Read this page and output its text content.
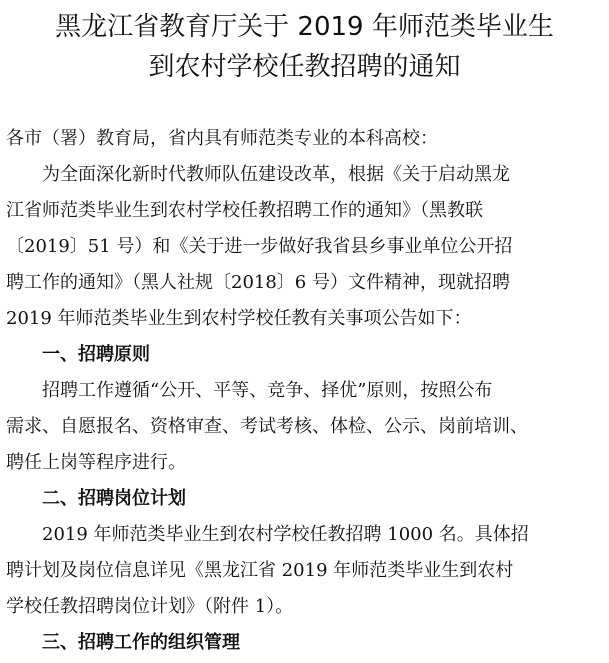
黑龙江省教育厅关于 2019 年师范类毕业生
到农村学校任教招聘的通知

各市（署）教育局，省内具有师范类专业的本科高校：

为全面深化新时代教师队伍建设改革，根据《关于启动黑龙

江省师范类毕业生到农村学校任教招聘工作的通知》（黑教联

〔2019〕51 号）和《关于进一步做好我省县乡事业单位公开招

聘工作的通知》（黑人社规〔2018〕6 号）文件精神，现就招聘

2019 年师范类毕业生到农村学校任教有关事项公告如下：

一、招聘原则

招聘工作遵循“公开、平等、竞争、择优”原则，按照公布

需求、自愿报名、资格审查、考试考核、体检、公示、岗前培训、

聘任上岗等程序进行。

二、招聘岗位计划

2019 年师范类毕业生到农村学校任教招聘 1000 名。具体招

聘计划及岗位信息详见《黑龙江省 2019 年师范类毕业生到农村

学校任教招聘岗位计划》（附件 1）。

三、招聘工作的组织管理
